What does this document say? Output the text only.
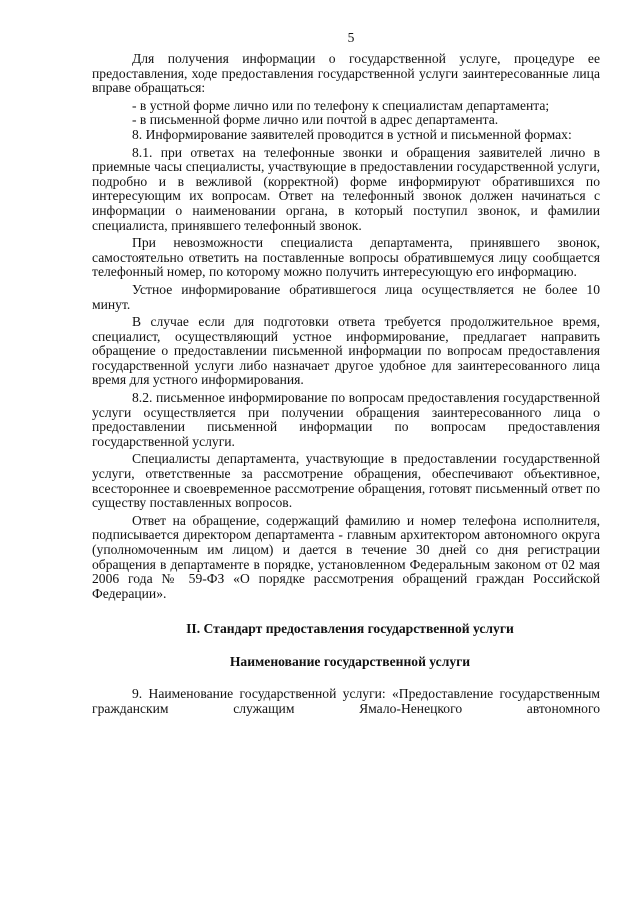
5

Для получения информации о государственной услуге, процедуре ее предоставления, ходе предоставления государственной услуги заинтересованные лица вправе обращаться:

- в устной форме лично или по телефону к специалистам департамента;

- в письменной форме лично или почтой в адрес департамента.

8. Информирование заявителей проводится в устной и письменной формах:

8.1. при ответах на телефонные звонки и обращения заявителей лично в приемные часы специалисты, участвующие в предоставлении государственной услуги, подробно и в вежливой (корректной) форме информируют обратившихся по интересующим их вопросам. Ответ на телефонный звонок должен начинаться с информации о наименовании органа, в который поступил звонок, и фамилии специалиста, принявшего телефонный звонок.

При невозможности специалиста департамента, принявшего звонок, самостоятельно ответить на поставленные вопросы обратившемуся лицу сообщается телефонный номер, по которому можно получить интересующую его информацию.

Устное информирование обратившегося лица осуществляется не более 10 минут.

В случае если для подготовки ответа требуется продолжительное время, специалист, осуществляющий устное информирование, предлагает направить обращение о предоставлении письменной информации по вопросам предоставления государственной услуги либо назначает другое удобное для заинтересованного лица время для устного информирования.

8.2. письменное информирование по вопросам предоставления государственной услуги осуществляется при получении обращения заинтересованного лица о предоставлении письменной информации по вопросам предоставления государственной услуги.

Специалисты департамента, участвующие в предоставлении государственной услуги, ответственные за рассмотрение обращения, обеспечивают объективное, всестороннее и своевременное рассмотрение обращения, готовят письменный ответ по существу поставленных вопросов.

Ответ на обращение, содержащий фамилию и номер телефона исполнителя, подписывается директором департамента - главным архитектором автономного округа (уполномоченным им лицом) и дается в течение 30 дней со дня регистрации обращения в департаменте в порядке, установленном Федеральным законом от 02 мая 2006 года № 59-ФЗ «О порядке рассмотрения обращений граждан Российской Федерации».

II. Стандарт предоставления государственной услуги
Наименование государственной услуги

9. Наименование государственной услуги: «Предоставление государственным гражданским служащим Ямало-Ненецкого автономного
